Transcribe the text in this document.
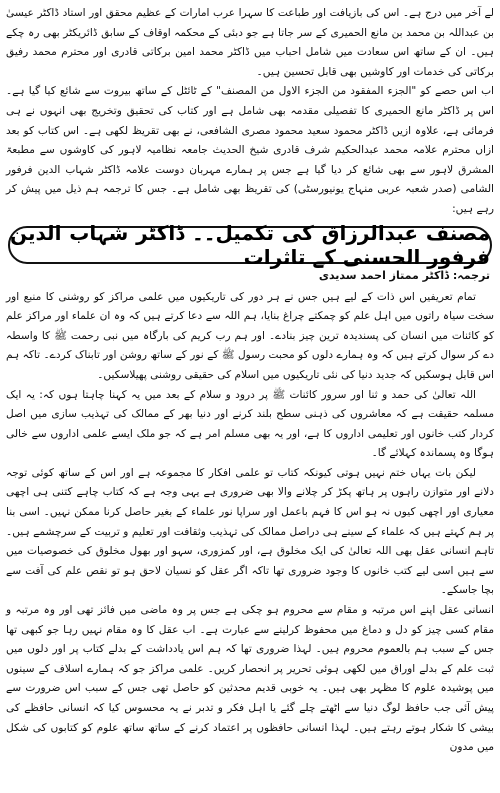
لے آخر میں درج ہے۔ اس کی بازیافت اور طباعت کا سہرا عرب امارات کے عظیم محقق اور استاد ڈاکٹر عیسیٰ بن عبداللہ بن محمد بن مانع الحمیری کے سر جاتا ہے جو دبئی کے محکمہ اوقاف کے سابق ڈائریکٹر بھی رہ چکے ہیں۔ ان کے ساتھ اس سعادت میں شامل احباب میں ڈاکٹر محمد امین برکاتی قادری اور محترم محمد رفیق برکاتی کی خدمات اور کاوشیں بھی قابل تحسین ہیں۔

اب اس حصے کو "الجزء المفقود من الجزء الاول من المصنف" کے ٹائٹل کے ساتھ بیروت سے شائع کیا گیا ہے۔ اس پر ڈاکٹر مانع الحمیری کا تفصیلی مقدمہ بھی شامل ہے اور کتاب کی تحقیق وتخریج بھی انہوں نے ہی فرمائی ہے، علاوہ ازیں ڈاکٹر محمود سعید محمود مصری الشافعی، نے بھی تقریظ لکھی ہے۔ اس کتاب کو بعد ازاں محترم علامہ محمد عبدالحکیم شرف قادری شیخ الحدیث جامعہ نظامیہ لاہور کی کاوشوں سے مطبعۃ المشرق لاہور سے بھی شائع کر دیا گیا ہے جس پر ہمارے مہربان دوست علامہ ڈاکٹر شہاب الدین فرفور الشامی (صدر شعبہ عربی منہاج یونیورسٹی) کی تقریظ بھی شامل ہے۔ جس کا ترجمہ ہم ذیل میں پیش کر رہے ہیں:

مصنف عبدالرزاق کی تکمیل۔۔ ڈاکٹر شہاب الدین فرفور الحسنی کے تاثرات
ترجمہ: ڈاکٹر ممتاز احمد سدیدی

تمام تعریفیں اس ذات کے لیے ہیں جس نے ہر دور کی تاریکیوں میں علمی مراکز کو روشنی کا منبع اور سخت سیاہ راتوں میں اہل علم کو چمکتے چراغ بنایا، ہم اللہ سے دعا کرتے ہیں کہ وہ ان علماء اور مراکز علم کو کائنات میں انسان کی پسندیدہ ترین چیز بنادے۔ اور ہم رب کریم کی بارگاہ میں نبی رحمت ﷺ کا واسطہ دے کر سوال کرتے ہیں کہ وہ ہمارے دلوں کو محبت رسول ﷺ کے نور کے ساتھ روشن اور تابناک کردے۔ تاکہ ہم اس قابل ہوسکیں کہ جدید دنیا کی نئی تاریکیوں میں اسلام کی حقیقی روشنی پھیلاسکیں۔

اللہ تعالیٰ کی حمد و ثنا اور سرور کائنات ﷺ پر درود و سلام کے بعد میں یہ کہنا چاہتا ہوں کہ: یہ ایک مسلمہ حقیقت ہے کہ معاشروں کی ذہنی سطح بلند کرنے اور دنیا بھر کے ممالک کی تہذیب سازی میں اصل کردار کتب خانوں اور تعلیمی اداروں کا ہے، اور یہ بھی مسلم امر ہے کہ جو ملک ایسے علمی اداروں سے خالی ہوگا وہ پسماندہ کہلائے گا۔

لیکن بات یہاں ختم نہیں ہوتی کیونکہ کتاب تو علمی افکار کا مجموعہ ہے اور اس کے ساتھ کوئی توجہ دلانے اور متوازن راہوں پر ہاتھ پکڑ کر چلانے والا بھی ضروری ہے یہی وجہ ہے کہ کتاب چاہے کتنی ہی اچھی معیاری اور اچھی کیوں نہ ہو اس کا فہم باعمل اور سراپا نور علماء کے بغیر حاصل کرنا ممکن نہیں۔ اسی بنا پر ہم کہتے ہیں کہ علماء کے سینے ہی دراصل ممالک کی تہذیب وثقافت اور تعلیم و تربیت کے سرچشمے ہیں۔ تاہم انسانی عقل بھی اللہ تعالیٰ کی ایک مخلوق ہے، اور کمزوری، سہو اور بھول مخلوق کی خصوصیات میں سے ہیں اسی لیے کتب خانوں کا وجود ضروری تھا تاکہ اگر عقل کو نسیان لاحق ہو تو نقص علم کی آفت سے بچا جاسکے۔

انسانی عقل اپنے اس مرتبہ و مقام سے محروم ہو چکی ہے جس پر وہ ماضی میں فائز تھی اور وہ مرتبہ و مقام کسی چیز کو دل و دماغ میں محفوظ کرلینے سے عبارت ہے۔ اب عقل کا وہ مقام نہیں رہا جو کبھی تھا جس کے سبب ہم بالعموم محروم ہیں۔ لہذا ضروری تھا کہ ہم اس یادداشت کے بدلے کتاب پر اور دلوں میں ثبت علم کے بدلے اوراق میں لکھی ہوئی تحریر پر انحصار کریں۔ علمی مراکز جو کہ ہمارے اسلاف کے سینوں میں پوشیدہ علوم کا مظہر بھی ہیں۔ یہ خوبی قدیم محدثین کو حاصل تھی جس کے سبب اس ضرورت سے پیش آئی جب حافظ لوگ دنیا سے اٹھتے چلے گئے یا اہل فکر و تدبر نے یہ محسوس کیا کہ انسانی حافظے کی بیشی کا شکار ہوتے رہتے ہیں۔ لہذا انسانی حافظوں پر اعتماد کرنے کے ساتھ ساتھ علوم کو کتابوں کی شکل میں مدون
